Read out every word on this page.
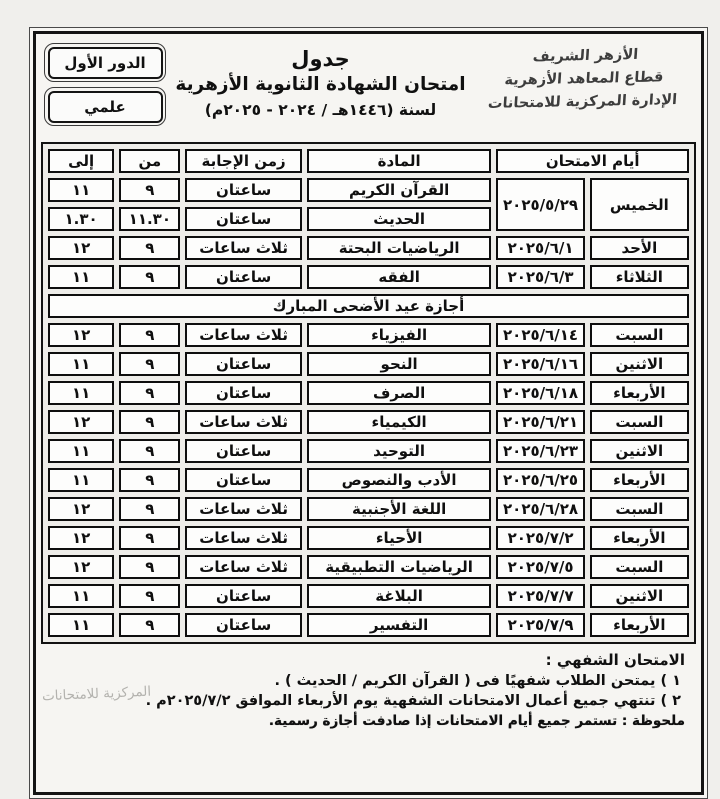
الأزهر الشريف
قطاع المعاهد الأزهرية
الإدارة المركزية للامتحانات
جدول
امتحان الشهادة الثانوية الأزهرية
لسنة (١٤٤٦هـ / ٢٠٢٤ - ٢٠٢٥م)
الدور الأول
علمي
أيام الامتحان		المادة	زمن الإجابة	من	إلى
الخميس	٢٠٢٥/٥/٢٩	القرآن الكريم	ساعتان	٩	١١
		الحديث	ساعتان	١١.٣٠	١.٣٠
الأحد	٢٠٢٥/٦/١	الرياضيات البحتة	ثلاث ساعات	٩	١٢
الثلاثاء	٢٠٢٥/٦/٣	الفقه	ساعتان	٩	١١
أجازة عيد الأضحى المبارك					
السبت	٢٠٢٥/٦/١٤	الفيزياء	ثلاث ساعات	٩	١٢
الاثنين	٢٠٢٥/٦/١٦	النحو	ساعتان	٩	١١
الأربعاء	٢٠٢٥/٦/١٨	الصرف	ساعتان	٩	١١
السبت	٢٠٢٥/٦/٢١	الكيمياء	ثلاث ساعات	٩	١٢
الاثنين	٢٠٢٥/٦/٢٣	التوحيد	ساعتان	٩	١١
الأربعاء	٢٠٢٥/٦/٢٥	الأدب والنصوص	ساعتان	٩	١١
السبت	٢٠٢٥/٦/٢٨	اللغة الأجنبية	ثلاث ساعات	٩	١٢
الأربعاء	٢٠٢٥/٧/٢	الأحياء	ثلاث ساعات	٩	١٢
السبت	٢٠٢٥/٧/٥	الرياضيات التطبيقية	ثلاث ساعات	٩	١٢
الاثنين	٢٠٢٥/٧/٧	البلاغة	ساعتان	٩	١١
الأربعاء	٢٠٢٥/٧/٩	التفسير	ساعتان	٩	١١
الامتحان الشفهي :
١ ) يمتحن الطلاب شفهيًا فى ( القرآن الكريم / الحديث ) .
٢ ) تنتهي جميع أعمال الامتحانات الشفهية يوم الأربعاء الموافق ٢٠٢٥/٧/٢م .
ملحوظة : تستمر جميع أيام الامتحانات إذا صادفت أجازة رسمية.
المركزية للامتحانات
